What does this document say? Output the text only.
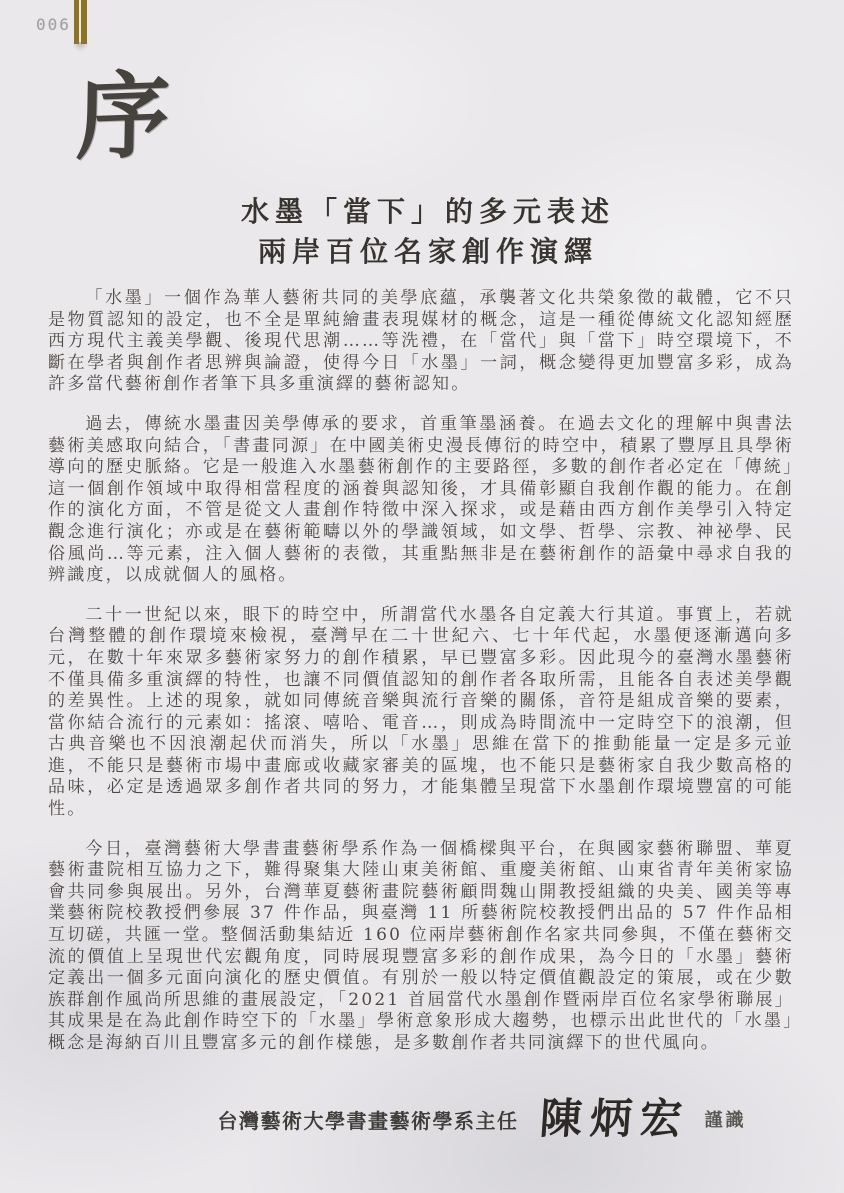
006
序
水墨「當下」的多元表述
兩岸百位名家創作演繹

「水墨」一個作為華人藝術共同的美學底蘊，承襲著文化共榮象徵的載體，它不只是物質認知的設定，也不全是單純繪畫表現媒材的概念，這是一種從傳統文化認知經歷西方現代主義美學觀、後現代思潮……等洗禮，在「當代」與「當下」時空環境下，不斷在學者與創作者思辨與論證，使得今日「水墨」一詞，概念變得更加豐富多彩，成為許多當代藝術創作者筆下具多重演繹的藝術認知。

過去，傳統水墨畫因美學傳承的要求，首重筆墨涵養。在過去文化的理解中與書法藝術美感取向結合，「書畫同源」在中國美術史漫長傳衍的時空中，積累了豐厚且具學術導向的歷史脈絡。它是一般進入水墨藝術創作的主要路徑，多數的創作者必定在「傳統」這一個創作領域中取得相當程度的涵養與認知後，才具備彰顯自我創作觀的能力。在創作的演化方面，不管是從文人畫創作特徵中深入探求，或是藉由西方創作美學引入特定觀念進行演化；亦或是在藝術範疇以外的學識領域，如文學、哲學、宗教、神祕學、民俗風尚…等元素，注入個人藝術的表徵，其重點無非是在藝術創作的語彙中尋求自我的辨識度，以成就個人的風格。

二十一世紀以來，眼下的時空中，所謂當代水墨各自定義大行其道。事實上，若就台灣整體的創作環境來檢視，臺灣早在二十世紀六、七十年代起，水墨便逐漸邁向多元，在數十年來眾多藝術家努力的創作積累，早已豐富多彩。因此現今的臺灣水墨藝術不僅具備多重演繹的特性，也讓不同價值認知的創作者各取所需，且能各自表述美學觀的差異性。上述的現象，就如同傳統音樂與流行音樂的關係，音符是組成音樂的要素，當你結合流行的元素如：搖滾、嘻哈、電音…，則成為時間流中一定時空下的浪潮，但古典音樂也不因浪潮起伏而消失，所以「水墨」思維在當下的推動能量一定是多元並進，不能只是藝術市場中畫廊或收藏家審美的區塊，也不能只是藝術家自我少數高格的品味，必定是透過眾多創作者共同的努力，才能集體呈現當下水墨創作環境豐富的可能性。

今日，臺灣藝術大學書畫藝術學系作為一個橋樑與平台，在與國家藝術聯盟、華夏藝術畫院相互協力之下，難得聚集大陸山東美術館、重慶美術館、山東省青年美術家協會共同參與展出。另外，台灣華夏藝術畫院藝術顧問魏山開教授組織的央美、國美等專業藝術院校教授們參展 37 件作品，與臺灣 11 所藝術院校教授們出品的 57 件作品相互切磋，共匯一堂。整個活動集結近 160 位兩岸藝術創作名家共同參與，不僅在藝術交流的價值上呈現世代宏觀角度，同時展現豐富多彩的創作成果，為今日的「水墨」藝術定義出一個多元面向演化的歷史價值。有別於一般以特定價值觀設定的策展，或在少數族群創作風尚所思維的畫展設定，「2021 首屆當代水墨創作暨兩岸百位名家學術聯展」其成果是在為此創作時空下的「水墨」學術意象形成大趨勢，也標示出此世代的「水墨」概念是海納百川且豐富多元的創作樣態，是多數創作者共同演繹下的世代風向。

台灣藝術大學書畫藝術學系主任 陳炳宏 謹識
